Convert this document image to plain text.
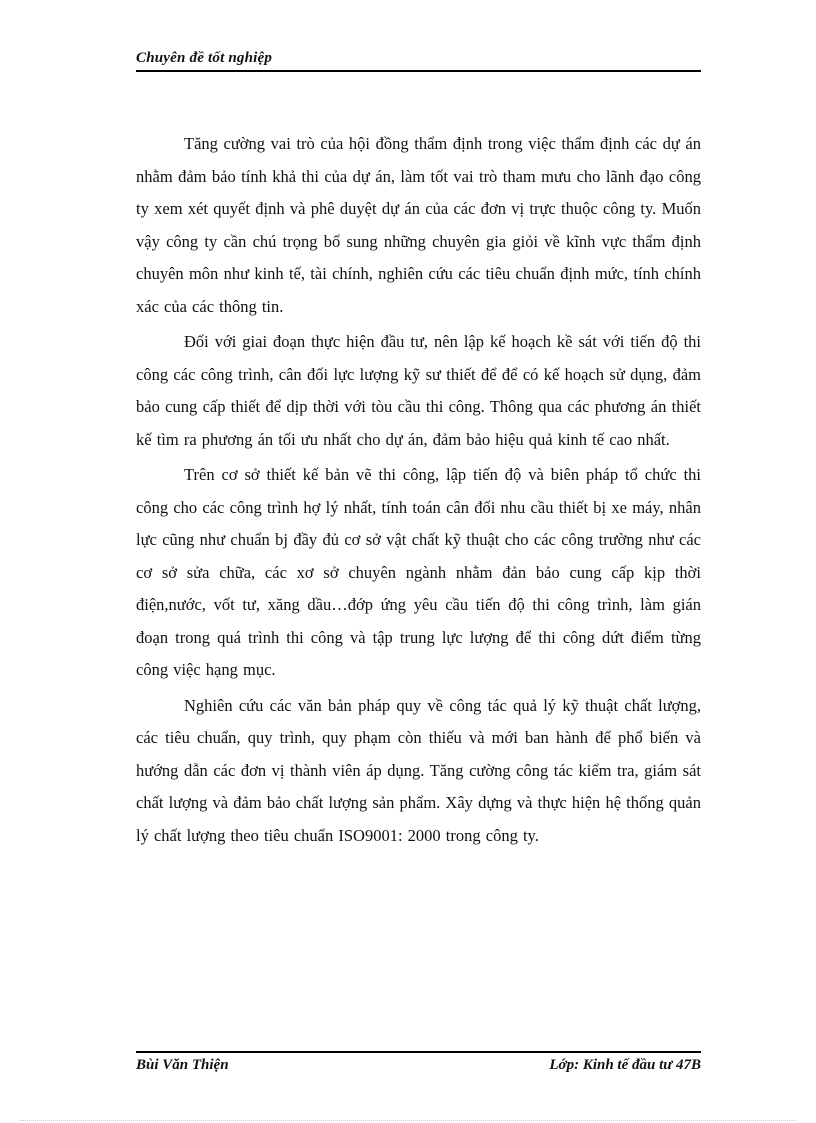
Chuyên đề tốt nghiệp

Tăng cường vai trò của hội đồng thẩm định trong việc thẩm định các dự án nhằm đảm bảo tính khả thi của dự án, làm tốt vai trò tham mưu cho lãnh đạo công ty xem xét quyết định và phê duyệt dự án của các đơn vị trực thuộc công ty. Muốn vậy công ty cần chú trọng bổ sung những chuyên gia giỏi về kĩnh vực thẩm định chuyên môn như kinh tế, tài chính, nghiên cứu các tiêu chuẩn định mức, tính chính xác của các thông tin.

Đối với giai đoạn thực hiện đầu tư, nên lập kế hoạch kề sát với tiến độ thi công các công trình, cân đối lực lượng kỹ sư thiết để để có kế hoạch sử dụng, đảm bảo cung cấp thiết để dịp thời với tòu cầu thi công. Thông qua các phương án thiết kế tìm ra phương án tối ưu nhất cho dự án, đảm bảo hiệu quả kinh tế cao nhất.

Trên cơ sở thiết kế bản vẽ thi công, lập tiến độ và biên pháp tổ chức thi công cho các công trình hợ lý nhất, tính toán cân đối nhu cầu thiết bị xe máy, nhân lực cũng như chuẩn bj đầy đủ cơ sở vật chất kỹ thuật cho các công trường như các cơ sở sửa chữa, các xơ sở chuyên ngành nhằm đản bảo cung cấp kịp thời điện,nước, vốt tư, xăng dầu…đớp ứng yêu cầu tiến độ thi công trình, làm gián đoạn trong quá trình thi công và tập trung lực lượng để thi công dứt điểm từng công việc hạng mục.

Nghiên cứu các văn bản pháp quy về công tác quả lý kỹ thuật chất lượng, các tiêu chuẩn, quy trình, quy phạm còn thiếu và mới ban hành để phổ biến và hướng dẫn các đơn vị thành viên áp dụng. Tăng cường công tác kiểm tra, giám sát chất lượng và đảm bảo chất lượng sản phẩm. Xây dựng và thực hiện hệ thống quản lý chất lượng theo tiêu chuẩn ISO9001: 2000 trong công ty.

Bùi Văn Thiện	Lớp: Kinh tế đầu tư 47B
